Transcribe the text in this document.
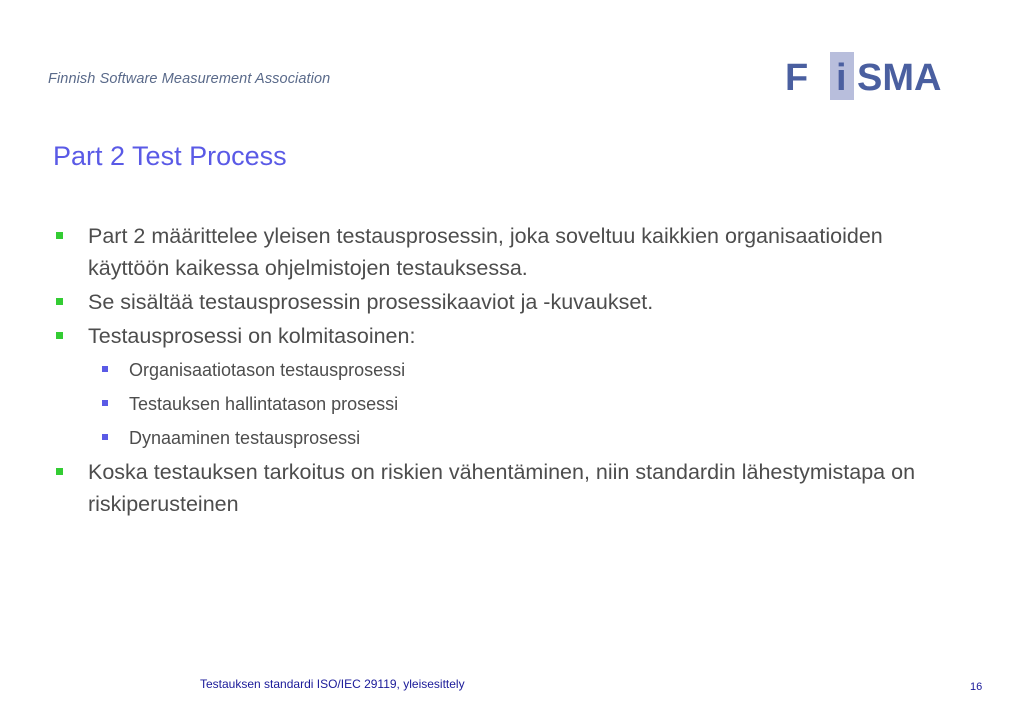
Finnish Software Measurement Association	F i SMA
Part 2 Test Process
Part 2 määrittelee yleisen testausprosessin, joka soveltuu kaikkien organisaatioiden käyttöön kaikessa ohjelmistojen testauksessa.
Se sisältää testausprosessin prosessikaaviot ja -kuvaukset.
Testausprosessi on kolmitasoinen:
Organisaatiotason testausprosessi
Testauksen hallintatason prosessi
Dynaaminen testausprosessi
Koska testauksen tarkoitus on riskien vähentäminen, niin standardin lähestymistapa on riskiperusteinen
Testauksen standardi ISO/IEC 29119, yleisesittely	16
